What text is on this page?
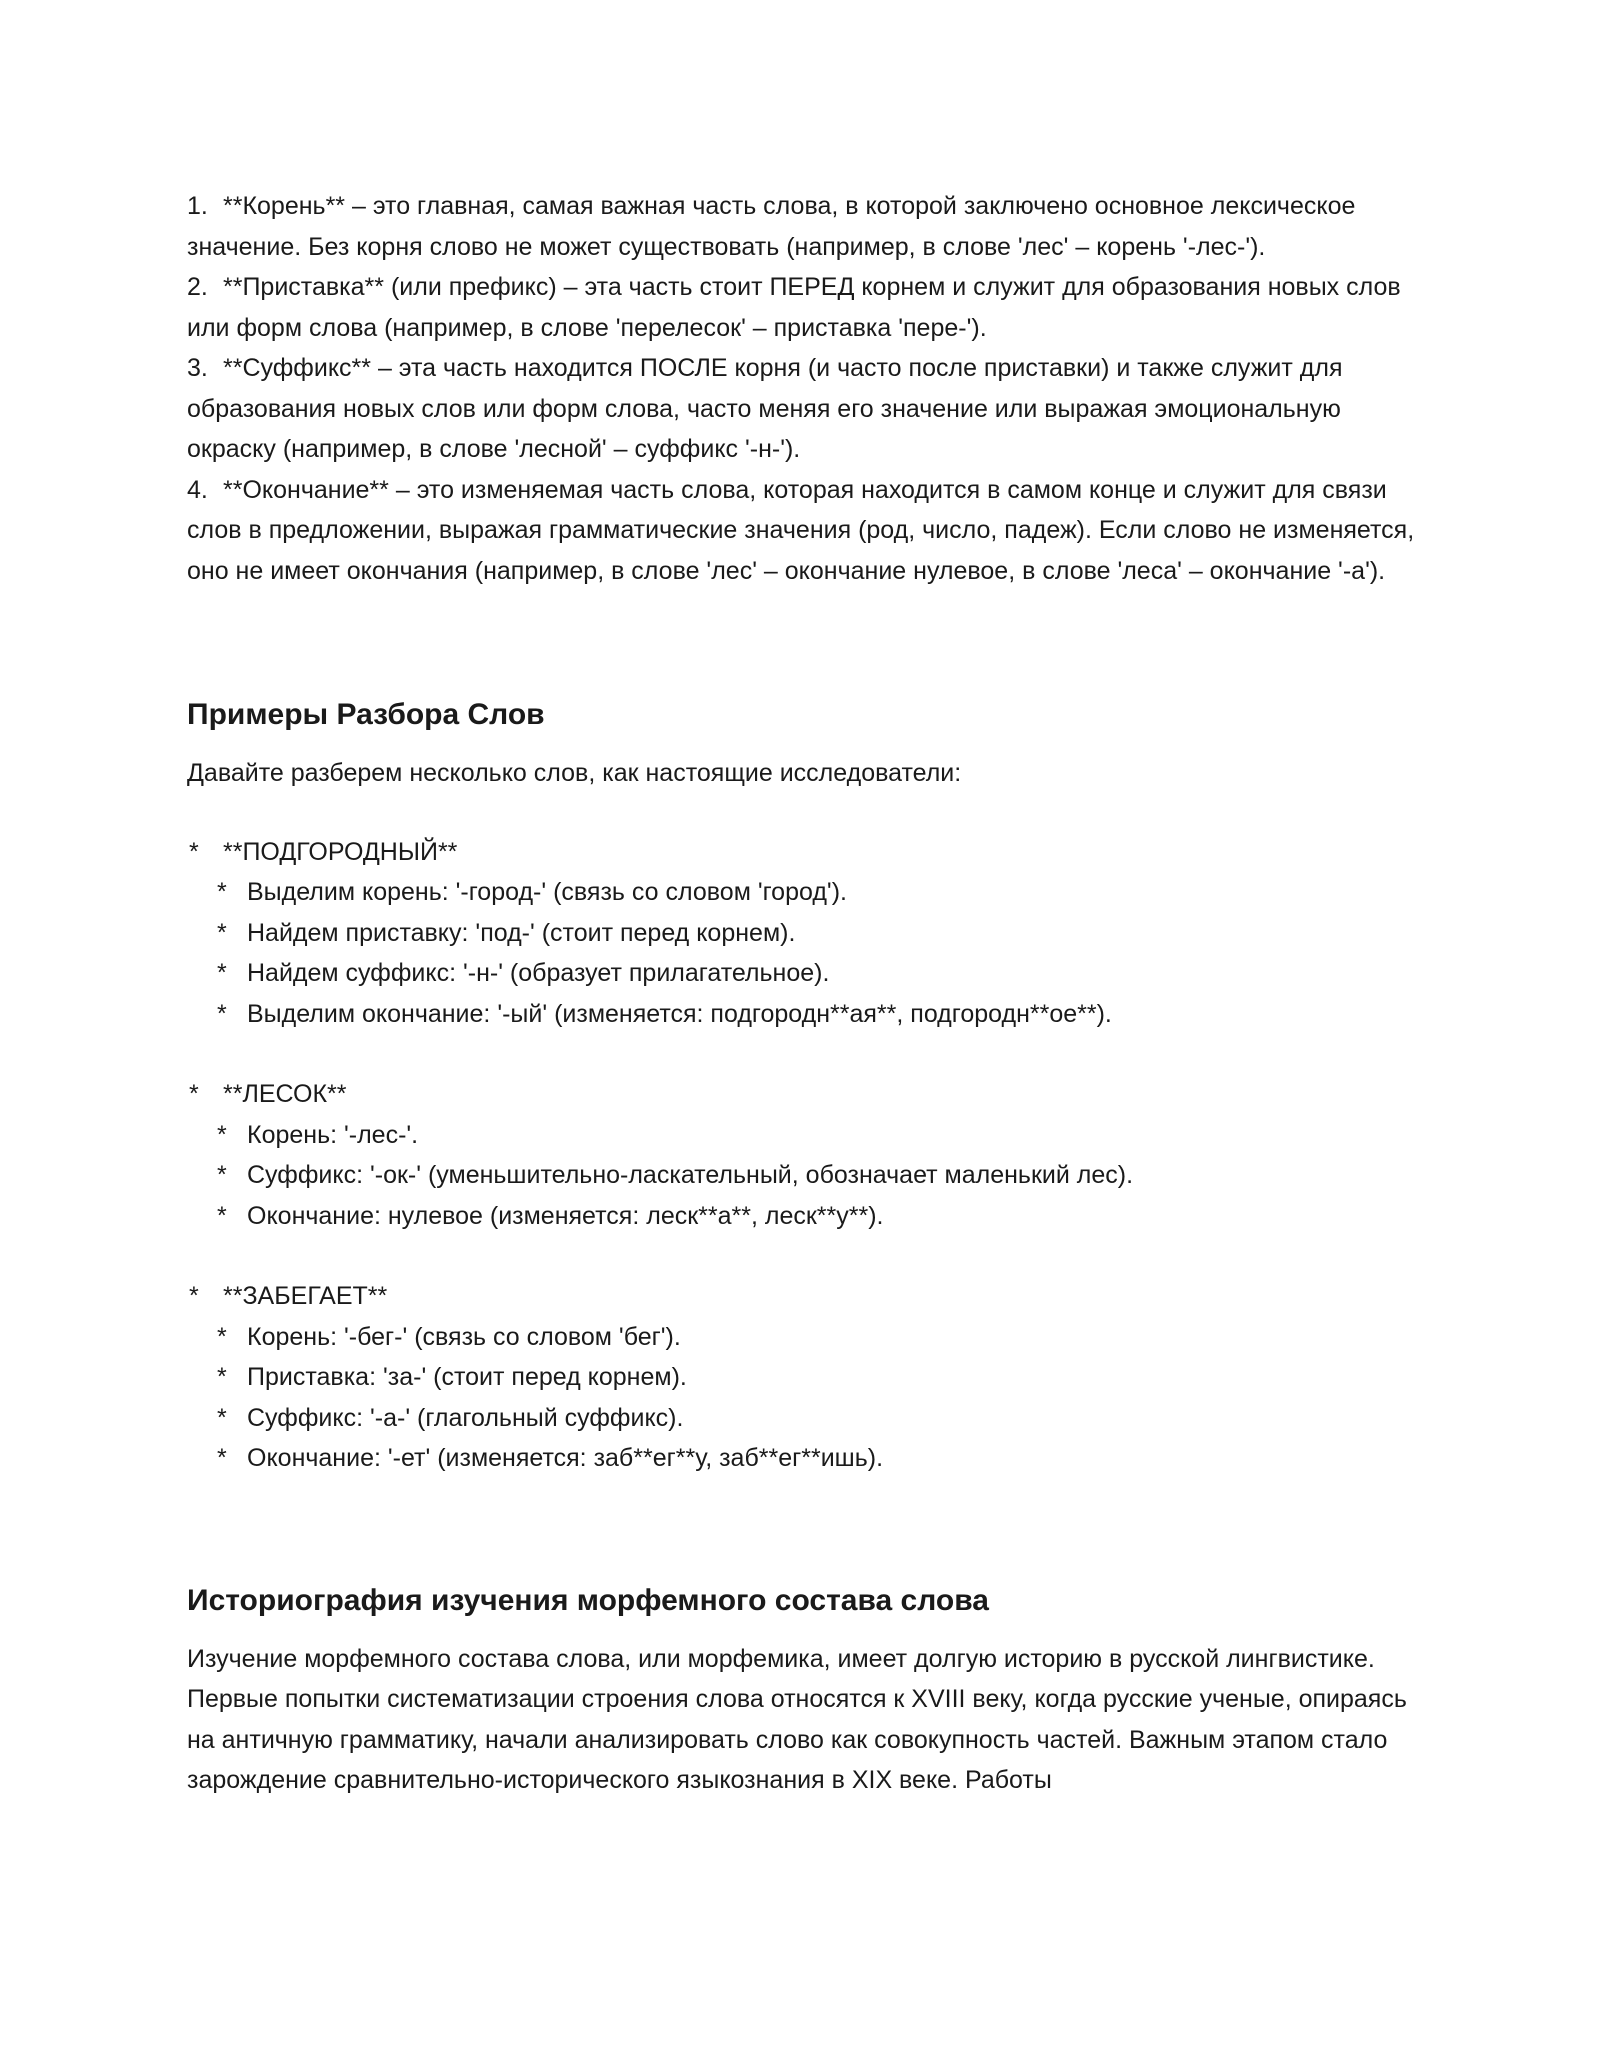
1. **Корень** – это главная, самая важная часть слова, в которой заключено основное лексическое значение. Без корня слово не может существовать (например, в слове 'лес' – корень '-лес-').
2. **Приставка** (или префикс) – эта часть стоит ПЕРЕД корнем и служит для образования новых слов или форм слова (например, в слове 'перелесок' – приставка 'пере-').
3. **Суффикс** – эта часть находится ПОСЛЕ корня (и часто после приставки) и также служит для образования новых слов или форм слова, часто меняя его значение или выражая эмоциональную окраску (например, в слове 'лесной' – суффикс '-н-').
4. **Окончание** – это изменяемая часть слова, которая находится в самом конце и служит для связи слов в предложении, выражая грамматические значения (род, число, падеж). Если слово не изменяется, оно не имеет окончания (например, в слове 'лес' – окончание нулевое, в слове 'леса' – окончание '-а').
Примеры Разбора Слов

Давайте разберем несколько слов, как настоящие исследователи:

* **ПОДГОРОДНЫЙ**

* Выделим корень: '-город-' (связь со словом 'город').
* Найдем приставку: 'под-' (стоит перед корнем).
* Найдем суффикс: '-н-' (образует прилагательное).
* Выделим окончание: '-ый' (изменяется: подгородн**ая**, подгородн**ое**).

* **ЛЕСОК**

* Корень: '-лес-'.
* Суффикс: '-ок-' (уменьшительно-ласкательный, обозначает маленький лес).
* Окончание: нулевое (изменяется: леск**а**, леск**у**).

* **ЗАБЕГАЕТ**

* Корень: '-бег-' (связь со словом 'бег').
* Приставка: 'за-' (стоит перед корнем).
* Суффикс: '-а-' (глагольный суффикс).
* Окончание: '-ет' (изменяется: заб**ег**у, заб**ег**ишь).
Историография изучения морфемного состава слова

Изучение морфемного состава слова, или морфемика, имеет долгую историю в русской лингвистике. Первые попытки систематизации строения слова относятся к XVIII веку, когда русские ученые, опираясь на античную грамматику, начали анализировать слово как совокупность частей. Важным этапом стало зарождение сравнительно-исторического языкознания в XIX веке. Работы
